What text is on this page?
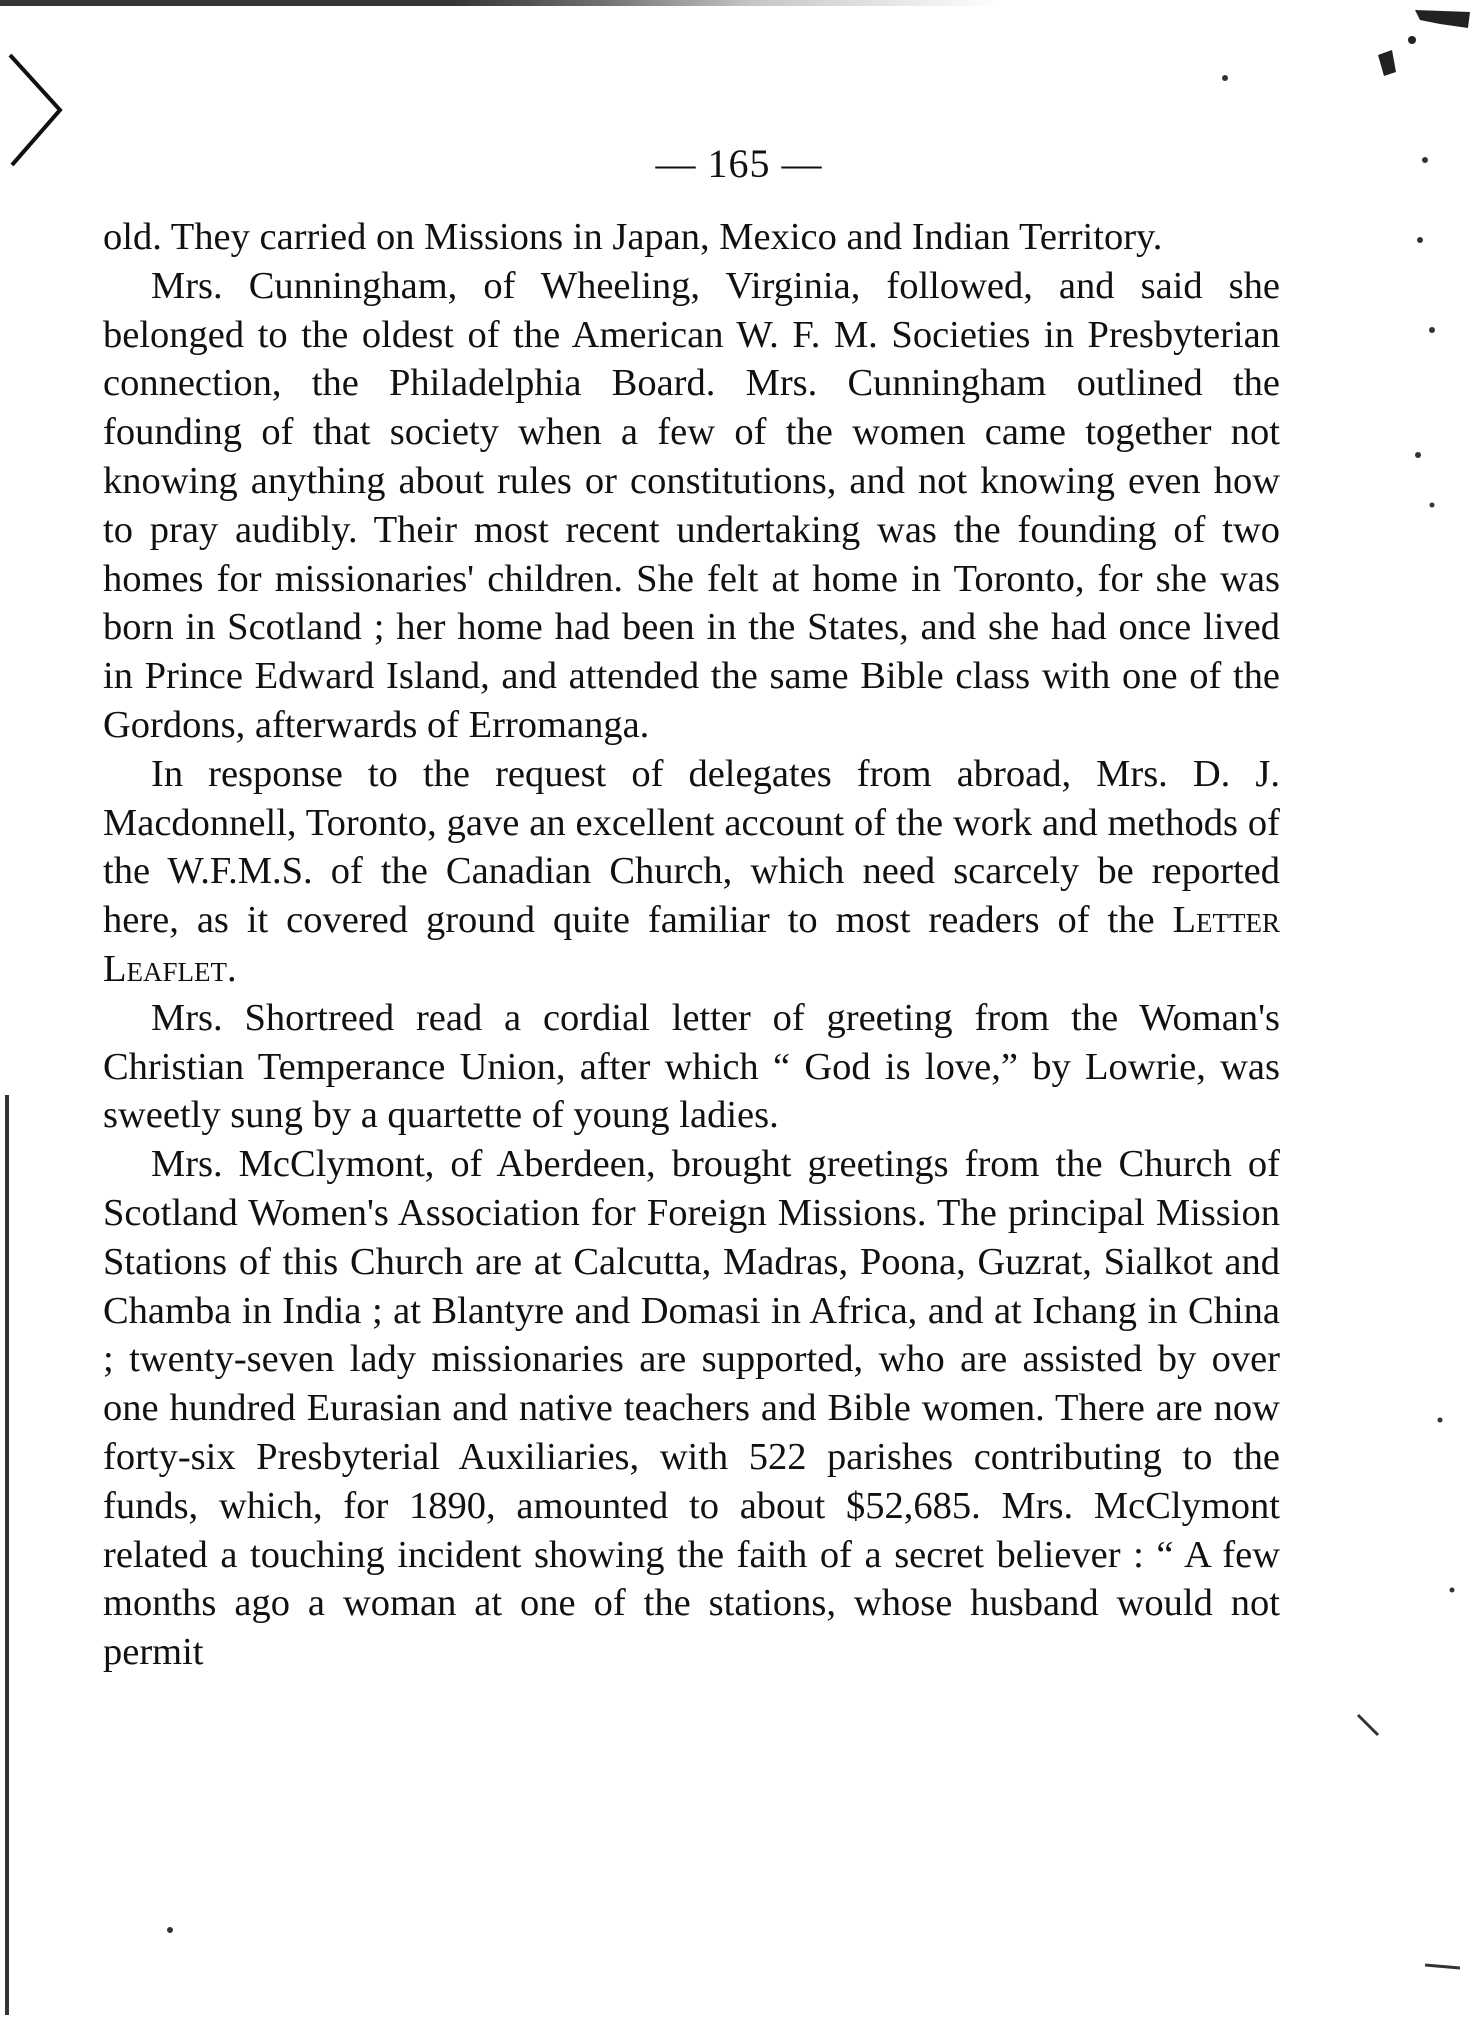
— 165 —

old. They carried on Missions in Japan, Mexico and Indian Territory.

Mrs. Cunningham, of Wheeling, Virginia, followed, and said she belonged to the oldest of the American W. F. M. Societies in Presbyterian connection, the Philadelphia Board. Mrs. Cunningham outlined the founding of that society when a few of the women came together not knowing anything about rules or constitutions, and not knowing even how to pray audibly. Their most recent undertaking was the founding of two homes for missionaries' children. She felt at home in Toronto, for she was born in Scotland ; her home had been in the States, and she had once lived in Prince Edward Island, and attended the same Bible class with one of the Gordons, afterwards of Erromanga.

In response to the request of delegates from abroad, Mrs. D. J. Macdonnell, Toronto, gave an excellent account of the work and methods of the W.F.M.S. of the Canadian Church, which need scarcely be reported here, as it covered ground quite familiar to most readers of the Letter Leaflet.

Mrs. Shortreed read a cordial letter of greeting from the Woman's Christian Temperance Union, after which “ God is love,” by Lowrie, was sweetly sung by a quartette of young ladies.

Mrs. McClymont, of Aberdeen, brought greetings from the Church of Scotland Women's Association for Foreign Missions. The principal Mission Stations of this Church are at Calcutta, Madras, Poona, Guzrat, Sialkot and Chamba in India ; at Blantyre and Domasi in Africa, and at Ichang in China ; twenty-seven lady missionaries are supported, who are assisted by over one hundred Eurasian and native teachers and Bible women. There are now forty-six Presbyterial Auxiliaries, with 522 parishes contributing to the funds, which, for 1890, amounted to about $52,685. Mrs. McClymont related a touching incident showing the faith of a secret believer : “ A few months ago a woman at one of the stations, whose husband would not permit
